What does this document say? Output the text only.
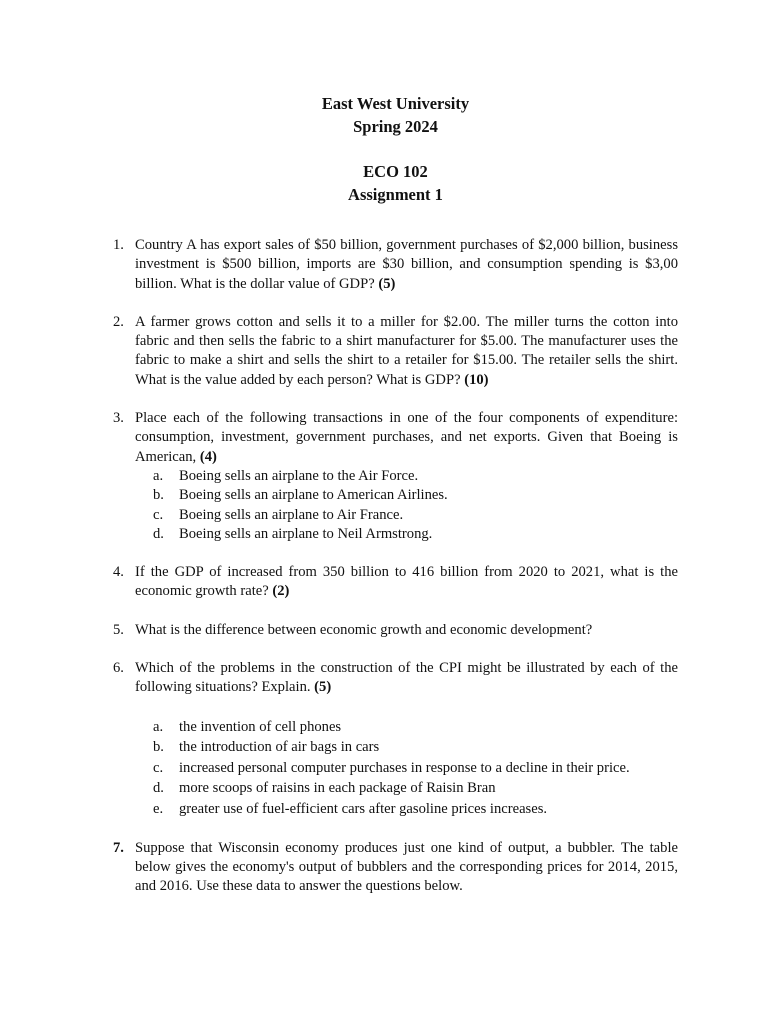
East West University
Spring 2024
ECO 102
Assignment 1
1. Country A has export sales of $50 billion, government purchases of $2,000 billion, business investment is $500 billion, imports are $30 billion, and consumption spending is $3,00 billion. What is the dollar value of GDP? (5)
2. A farmer grows cotton and sells it to a miller for $2.00. The miller turns the cotton into fabric and then sells the fabric to a shirt manufacturer for $5.00. The manufacturer uses the fabric to make a shirt and sells the shirt to a retailer for $15.00. The retailer sells the shirt. What is the value added by each person? What is GDP? (10)
3. Place each of the following transactions in one of the four components of expenditure: consumption, investment, government purchases, and net exports. Given that Boeing is American, (4)
a.	Boeing sells an airplane to the Air Force.
b.	Boeing sells an airplane to American Airlines.
c.	Boeing sells an airplane to Air France.
d.	Boeing sells an airplane to Neil Armstrong.
4. If the GDP of increased from 350 billion to 416 billion from 2020 to 2021, what is the economic growth rate? (2)
5. What is the difference between economic growth and economic development?
6. Which of the problems in the construction of the CPI might be illustrated by each of the following situations? Explain. (5)
a.	the invention of cell phones
b.	the introduction of air bags in cars
c.	increased personal computer purchases in response to a decline in their price.
d.	more scoops of raisins in each package of Raisin Bran
e.	greater use of fuel-efficient cars after gasoline prices increases.
7. Suppose that Wisconsin economy produces just one kind of output, a bubbler. The table below gives the economy's output of bubblers and the corresponding prices for 2014, 2015, and 2016. Use these data to answer the questions below.
